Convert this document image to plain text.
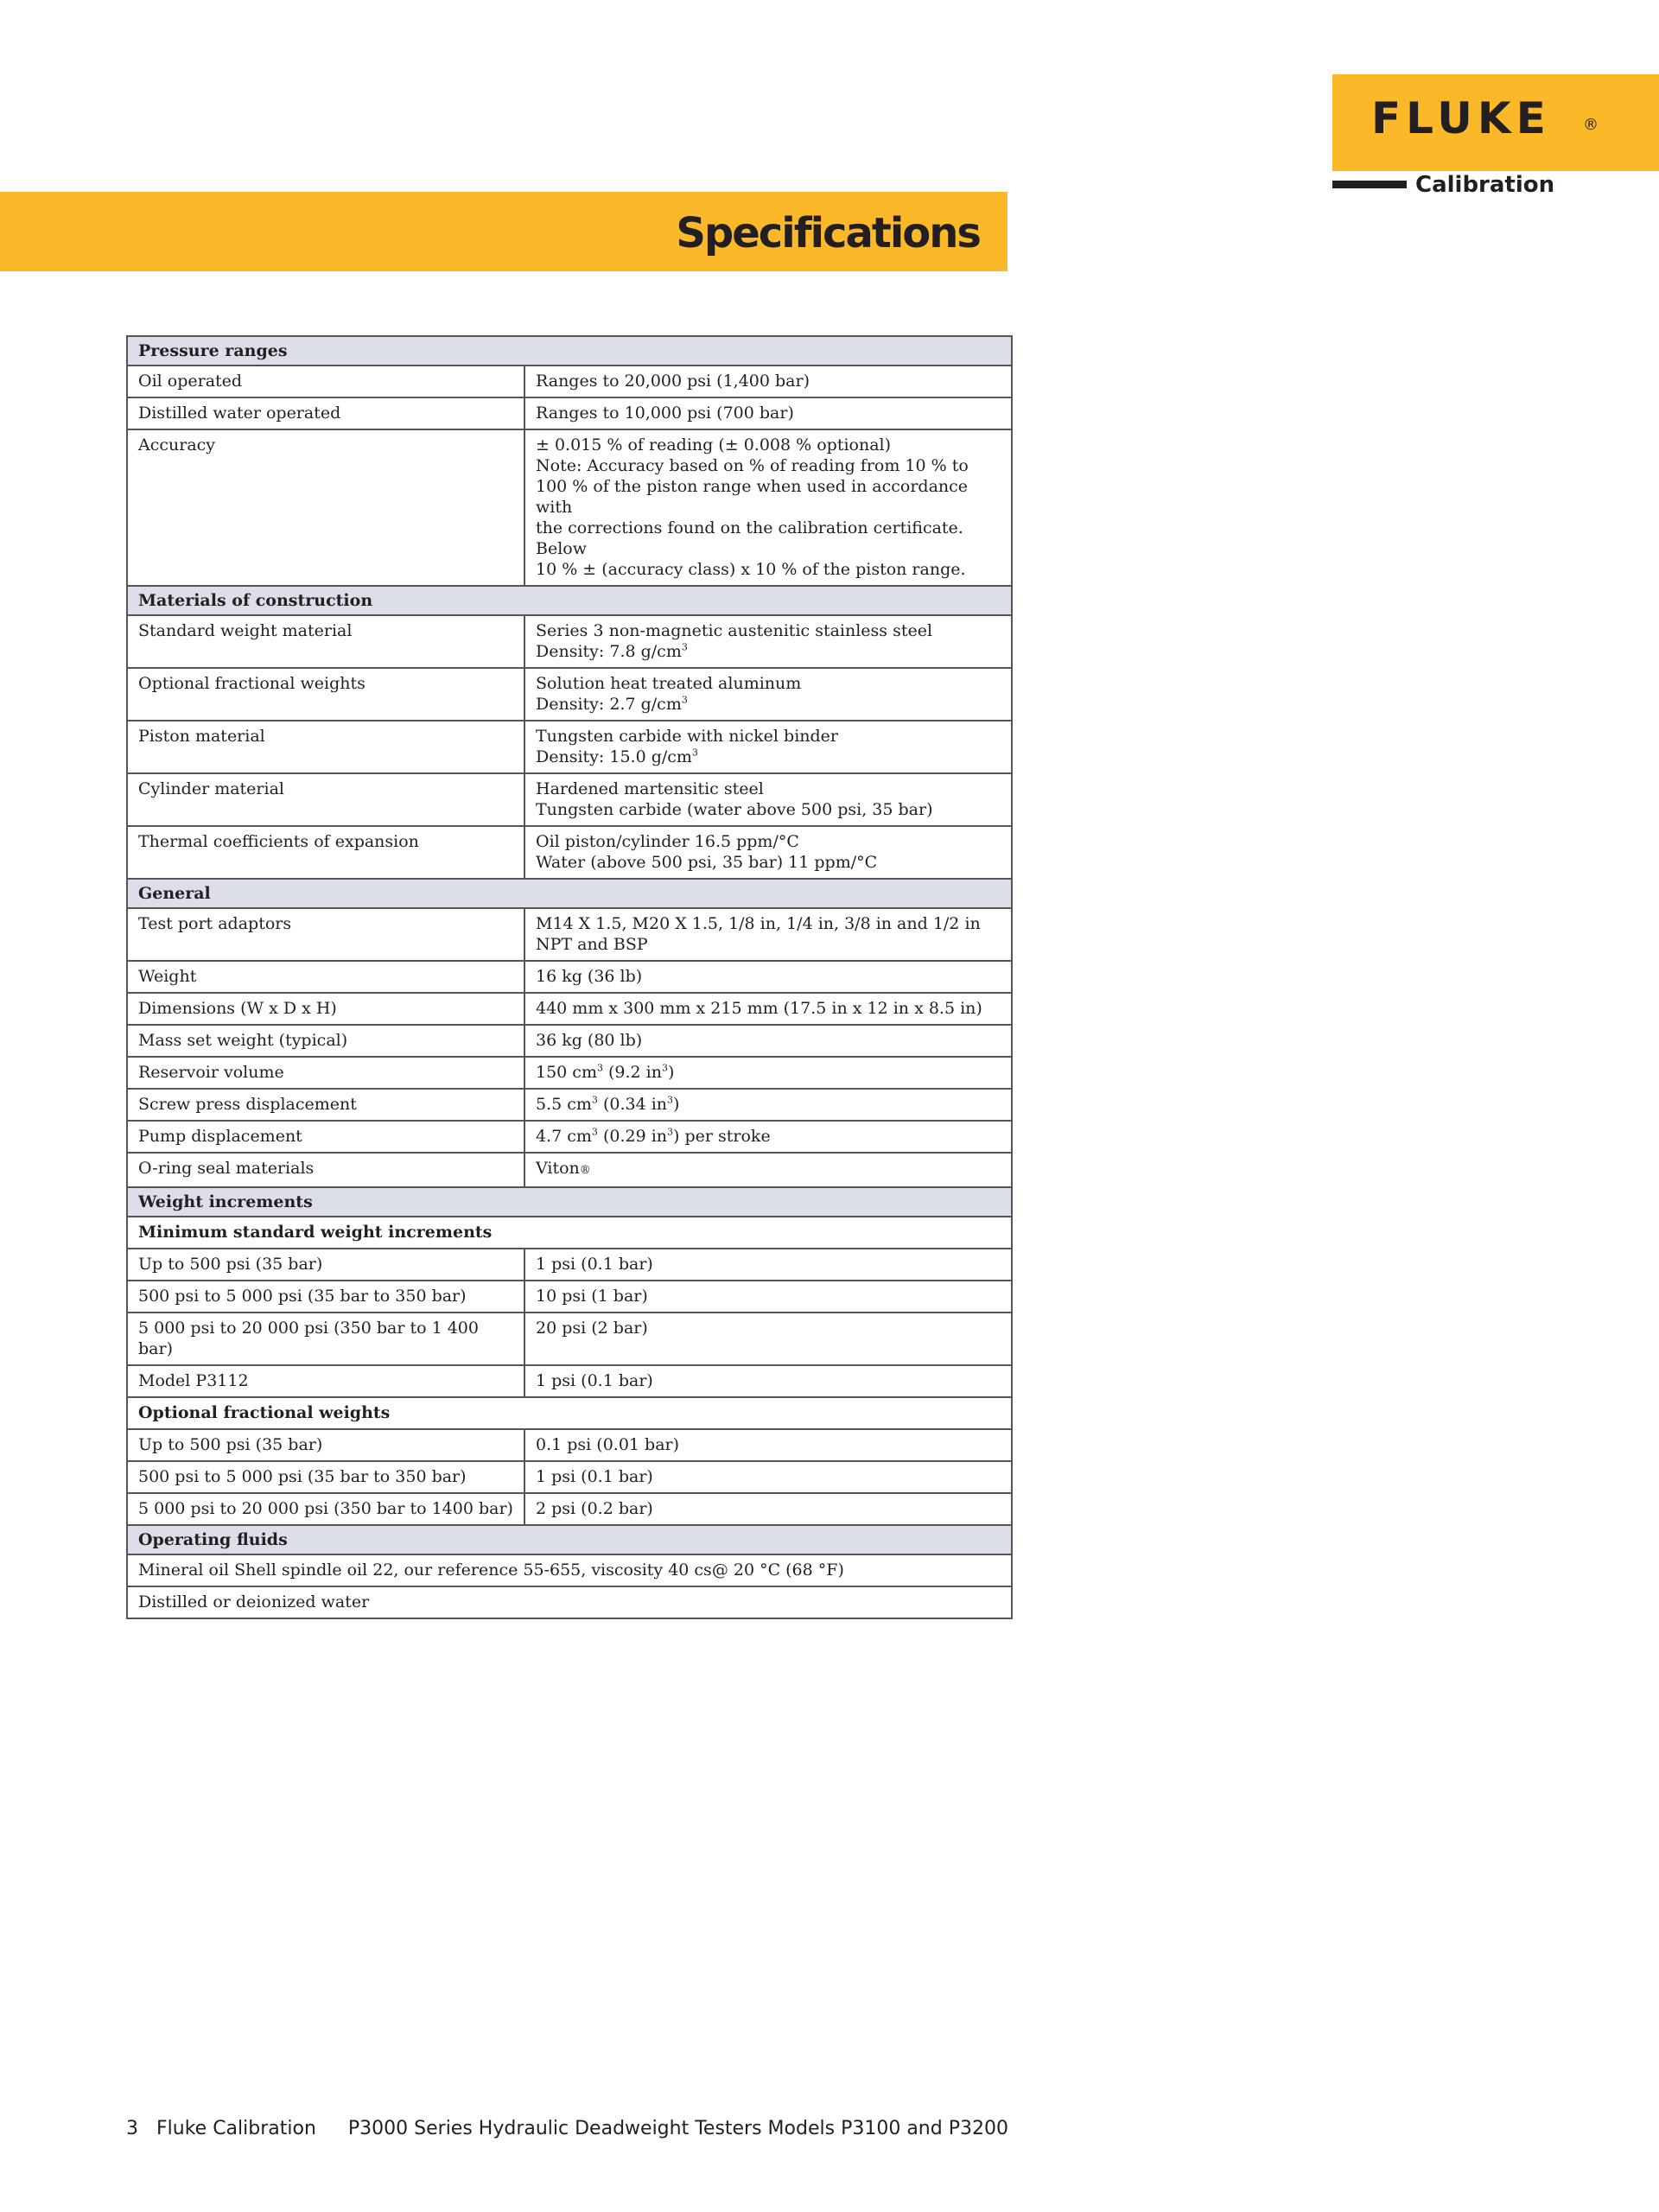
FLUKE ®
Calibration
Specifications
Pressure ranges	
Oil operated	Ranges to 20,000 psi (1,400 bar)
Distilled water operated	Ranges to 10,000 psi (700 bar)
Accuracy	± 0.015 % of reading (± 0.008 % optional)
Note: Accuracy based on % of reading from 10 % to
100 % of the piston range when used in accordance with
the corrections found on the calibration certificate. Below
10 % ± (accuracy class) x 10 % of the piston range.

Materials of construction	
Standard weight material	Series 3 non-magnetic austenitic stainless steel
Density: 7.8 $g/cm^3$

Optional fractional weights	Solution heat treated aluminum
Density: 2.7 $g/cm^3$

Piston material	Tungsten carbide with nickel binder
Density: 15.0 $g/cm^3$

Cylinder material	Hardened martensitic steel
Tungsten carbide (water above 500 psi, 35 bar)

Thermal coefficients of expansion	Oil piston/cylinder 16.5 ppm/°C
Water (above 500 psi, 35 bar) 11 ppm/°C

General	
Test port adaptors	M14 X 1.5, M20 X 1.5, 1/8 in, 1/4 in, 3/8 in and 1/2 in
NPT and BSP

Weight	16 kg (36 lb)
Dimensions (W x D x H)	440 mm x 300 mm x 215 mm (17.5 in x 12 in x 8.5 in)
Mass set weight (typical)	36 kg (80 lb)
Reservoir volume	150 $cm^3$ (9.2 $in^3$)
Screw press displacement	5.5 $cm^3$ (0.34 $in^3$)
Pump displacement	4.7 $cm^3$ (0.29 $in^3$) per stroke
O-ring seal materials	Viton®
Weight increments	
Minimum standard weight increments	
Up to 500 psi (35 bar)	1 psi (0.1 bar)
500 psi to 5 000 psi (35 bar to 350 bar)	10 psi (1 bar)
5 000 psi to 20 000 psi (350 bar to 1 400 bar)	20 psi (2 bar)
Model P3112	1 psi (0.1 bar)
Optional fractional weights	
Up to 500 psi (35 bar)	0.1 psi (0.01 bar)
500 psi to 5 000 psi (35 bar to 350 bar)	1 psi (0.1 bar)
5 000 psi to 20 000 psi (350 bar to 1400 bar)	2 psi (0.2 bar)
Operating fluids	
Mineral oil Shell spindle oil 22, our reference 55-655, viscosity 40 cs@ 20 °C (68 °F)	
Distilled or deionized water	
3 Fluke Calibration P3000 Series Hydraulic Deadweight Testers Models P3100 and P3200
